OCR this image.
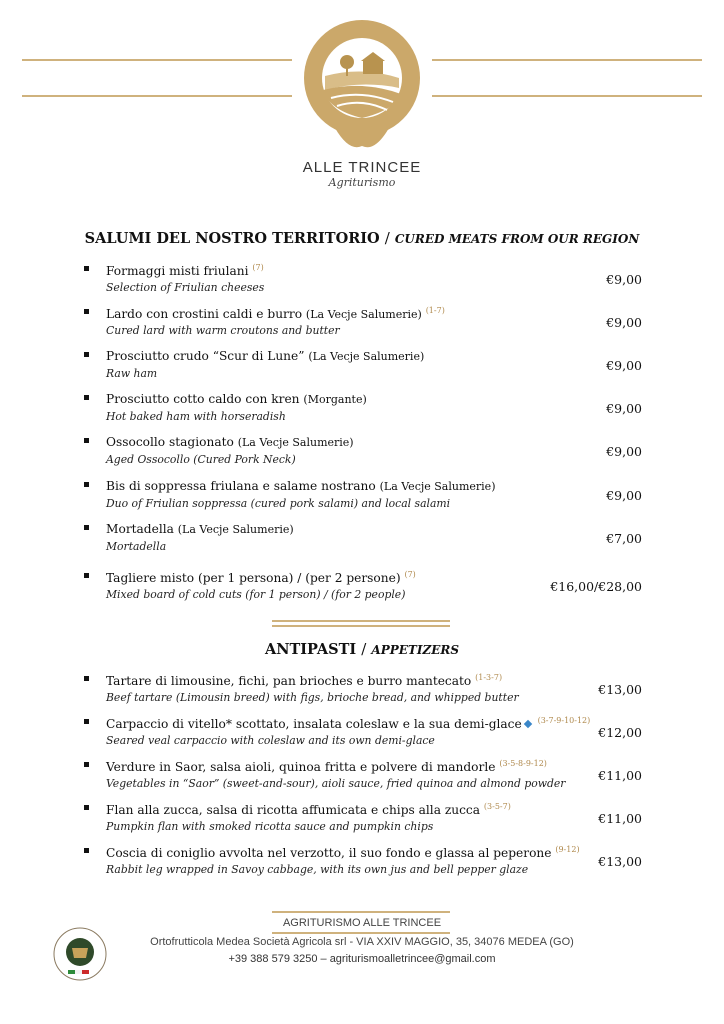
ALLE TRINCEE
Agriturismo
SALUMI DEL NOSTRO TERRITORIO / CURED MEATS FROM OUR REGION
Formaggi misti friulani $^{(7)}$
Selection of Friulian cheeses
€9,00
Lardo con crostini caldi e burro (La Vecje Salumerie) $^{(1-7)}$
Cured lard with warm croutons and butter
€9,00
Prosciutto crudo “Scur di Lune” (La Vecje Salumerie)
Raw ham
€9,00
Prosciutto cotto caldo con kren (Morgante)
Hot baked ham with horseradish
€9,00
Ossocollo stagionato (La Vecje Salumerie)
Aged Ossocollo (Cured Pork Neck)
€9,00
Bis di soppressa friulana e salame nostrano (La Vecje Salumerie)
Duo of Friulian soppressa (cured pork salami) and local salami
€9,00
Mortadella (La Vecje Salumerie)
Mortadella
€7,00
Tagliere misto (per 1 persona) / (per 2 persone) $^{(7)}$
Mixed board of cold cuts (for 1 person) / (for 2 people)
€16,00/€28,00
ANTIPASTI / APPETIZERS
Tartare di limousine, fichi, pan brioches e burro mantecato $^{(1-3-7)}$
Beef tartare (Limousin breed) with figs, brioche bread, and whipped butter
€13,00
Carpaccio di vitello* scottato, insalata coleslaw e la sua demi-glace $^{(3-7-9-10-12)}$
Seared veal carpaccio with coleslaw and its own demi-glace
€12,00
Verdure in Saor, salsa aioli, quinoa fritta e polvere di mandorle $^{(3-5-8-9-12)}$
Vegetables in “Saor” (sweet-and-sour), aioli sauce, fried quinoa and almond powder
€11,00
Flan alla zucca, salsa di ricotta affumicata e chips alla zucca $^{(3-5-7)}$
Pumpkin flan with smoked ricotta sauce and pumpkin chips
€11,00
Coscia di coniglio avvolta nel verzotto, il suo fondo e glassa al peperone $^{(9-12)}$
Rabbit leg wrapped in Savoy cabbage, with its own jus and bell pepper glaze
€13,00
AGRITURISMO ALLE TRINCEE
Ortofrutticola Medea Società Agricola srl - VIA XXIV MAGGIO, 35, 34076 MEDEA (GO)
+39 388 579 3250 – agriturismoalletrincee@gmail.com
